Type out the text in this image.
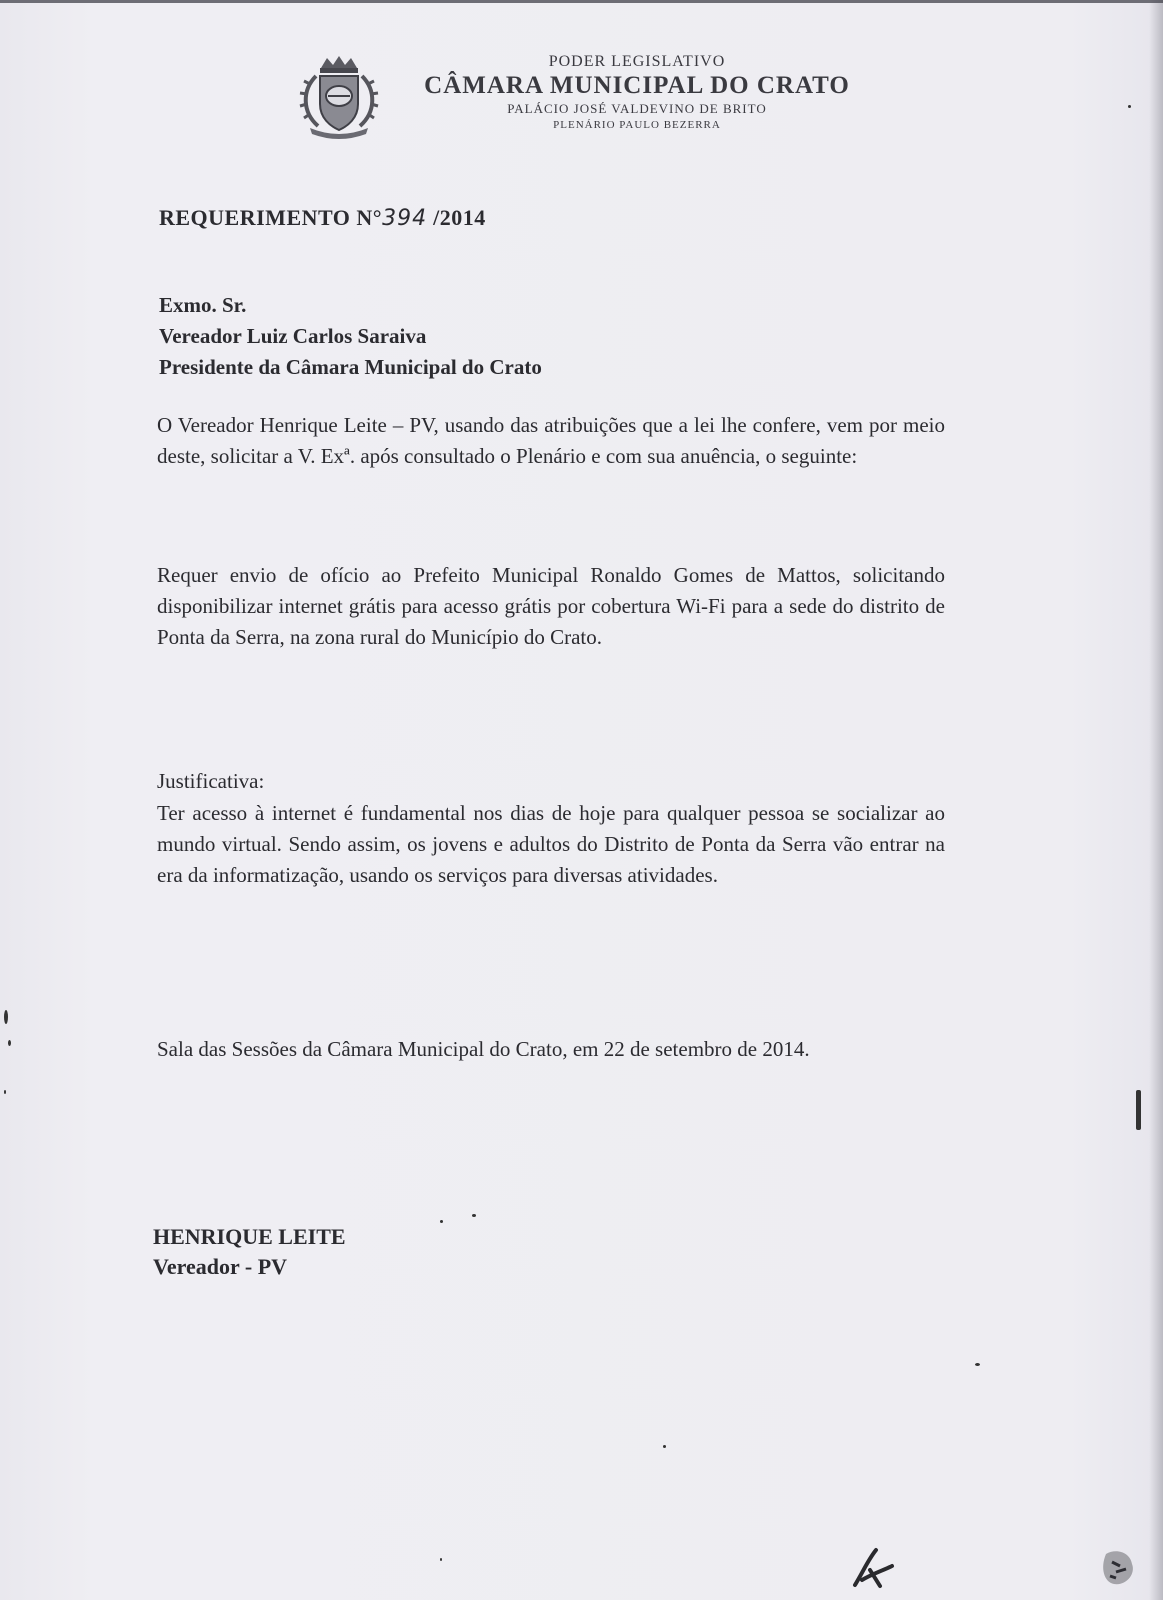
PODER LEGISLATIVO
CÂMARA MUNICIPAL DO CRATO
PALÁCIO JOSÉ VALDEVINO DE BRITO
PLENÁRIO PAULO BEZERRA
REQUERIMENTO N°394 /2014
Exmo. Sr.
Vereador Luiz Carlos Saraiva
Presidente da Câmara Municipal do Crato
O Vereador Henrique Leite – PV, usando das atribuições que a lei lhe confere, vem por meio deste, solicitar a V. Exª. após consultado o Plenário e com sua anuência, o seguinte:
Requer envio de ofício ao Prefeito Municipal Ronaldo Gomes de Mattos, solicitando disponibilizar internet grátis para acesso grátis por cobertura Wi-Fi para a sede do distrito de Ponta da Serra, na zona rural do Município do Crato.
Justificativa:
Ter acesso à internet é fundamental nos dias de hoje para qualquer pessoa se socializar ao mundo virtual. Sendo assim, os jovens e adultos do Distrito de Ponta da Serra vão entrar na era da informatização, usando os serviços para diversas atividades.
Sala das Sessões da Câmara Municipal do Crato, em 22 de setembro de 2014.
HENRIQUE LEITE
Vereador - PV
